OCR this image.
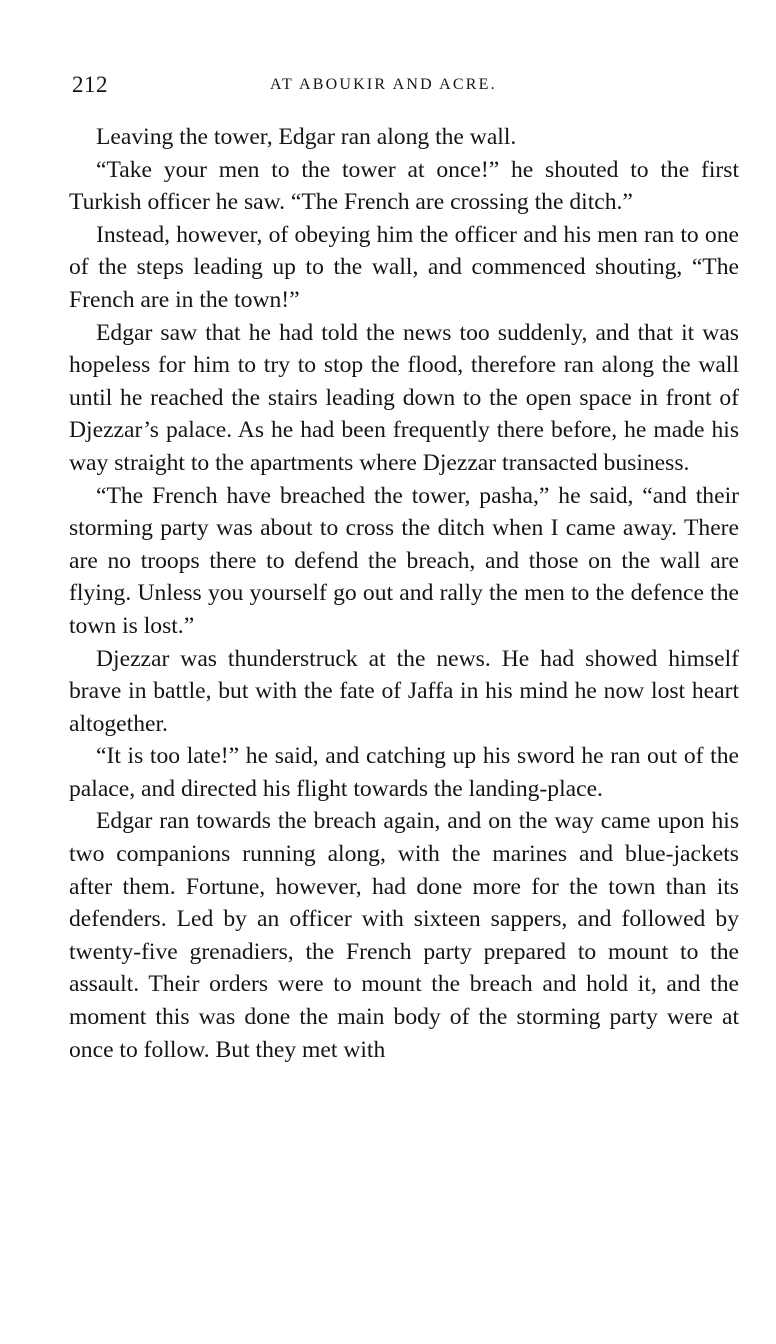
212	AT ABOUKIR AND ACRE.

Leaving the tower, Edgar ran along the wall.

“Take your men to the tower at once!” he shouted to the first Turkish officer he saw. “The French are crossing the ditch.”

Instead, however, of obeying him the officer and his men ran to one of the steps leading up to the wall, and commenced shouting, “The French are in the town!”

Edgar saw that he had told the news too suddenly, and that it was hopeless for him to try to stop the flood, therefore ran along the wall until he reached the stairs leading down to the open space in front of Djezzar’s palace. As he had been frequently there before, he made his way straight to the apartments where Djezzar transacted business.

“The French have breached the tower, pasha,” he said, “and their storming party was about to cross the ditch when I came away. There are no troops there to defend the breach, and those on the wall are flying. Unless you yourself go out and rally the men to the defence the town is lost.”

Djezzar was thunderstruck at the news. He had showed himself brave in battle, but with the fate of Jaffa in his mind he now lost heart altogether.

“It is too late!” he said, and catching up his sword he ran out of the palace, and directed his flight towards the landing-place.

Edgar ran towards the breach again, and on the way came upon his two companions running along, with the marines and blue-jackets after them. Fortune, however, had done more for the town than its defenders. Led by an officer with sixteen sappers, and followed by twenty-five grenadiers, the French party prepared to mount to the assault. Their orders were to mount the breach and hold it, and the moment this was done the main body of the storming party were at once to follow. But they met with
